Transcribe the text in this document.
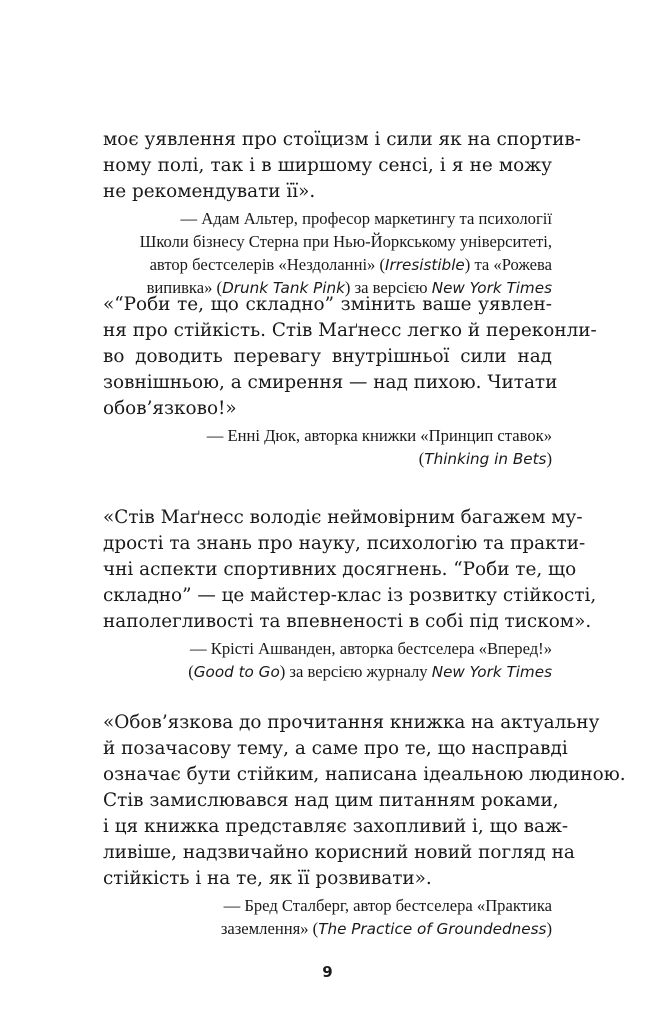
моє уявлення про стоїцизм і сили як на спортив-
ному полі, так і в ширшому сенсі, і я не можу
не рекомендувати її».
— Адам Альтер, професор маркетингу та психології
Школи бізнесу Стерна при Нью-Йоркському університеті,
автор бестселерів «Нездоланні» (Irresistible) та «Рожева
випивка» (Drunk Tank Pink) за версією New York Times
«“Роби те, що складно” змінить ваше уявлен-
ня про стійкість. Стів Маґнесс легко й переконли-
во доводить перевагу внутрішньої сили над
зовнішньою, а смирення — над пихою. Читати
обов’язково!»
— Енні Дюк, авторка книжки «Принцип ставок»
(Thinking in Bets)
«Стів Маґнесс володіє неймовірним багажем му-
дрості та знань про науку, психологію та практи-
чні аспекти спортивних досягнень. “Роби те, що
складно” — це майстер-клас із розвитку стійкості,
наполегливості та впевненості в собі під тиском».
— Крісті Ашванден, авторка бестселера «Вперед!»
(Good to Go) за версією журналу New York Times
«Обов’язкова до прочитання книжка на актуальну
й позачасову тему, а саме про те, що насправді
означає бути стійким, написана ідеальною людиною.
Стів замислювався над цим питанням роками,
і ця книжка представляє захопливий і, що важ-
ливіше, надзвичайно корисний новий погляд на
стійкість і на те, як її розвивати».
— Бред Сталберг, автор бестселера «Практика
заземлення» (The Practice of Groundedness)
9
